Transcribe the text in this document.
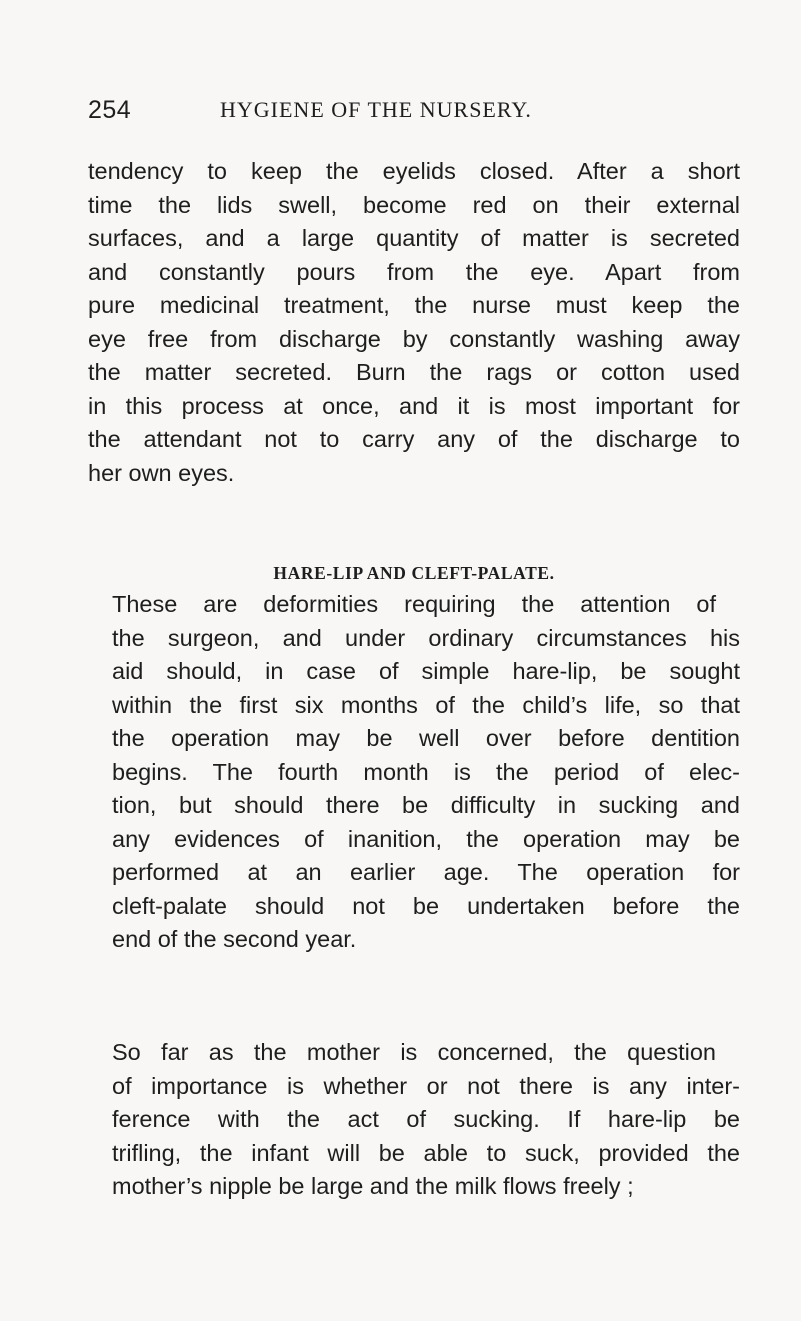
254	HYGIENE OF THE NURSERY.

tendency to keep the eyelids closed. After a short
time the lids swell, become red on their external
surfaces, and a large quantity of matter is secreted
and constantly pours from the eye. Apart from
pure medicinal treatment, the nurse must keep the
eye free from discharge by constantly washing away
the matter secreted. Burn the rags or cotton used
in this process at once, and it is most important for
the attendant not to carry any of the discharge to
her own eyes.

HARE-LIP AND CLEFT-PALATE.

These are deformities requiring the attention of
the surgeon, and under ordinary circumstances his
aid should, in case of simple hare-lip, be sought
within the first six months of the child’s life, so that
the operation may be well over before dentition
begins. The fourth month is the period of elec-
tion, but should there be difficulty in sucking and
any evidences of inanition, the operation may be
performed at an earlier age. The operation for
cleft-palate should not be undertaken before the
end of the second year.

So far as the mother is concerned, the question
of importance is whether or not there is any inter-
ference with the act of sucking. If hare-lip be
trifling, the infant will be able to suck, provided the
mother’s nipple be large and the milk flows freely ;
